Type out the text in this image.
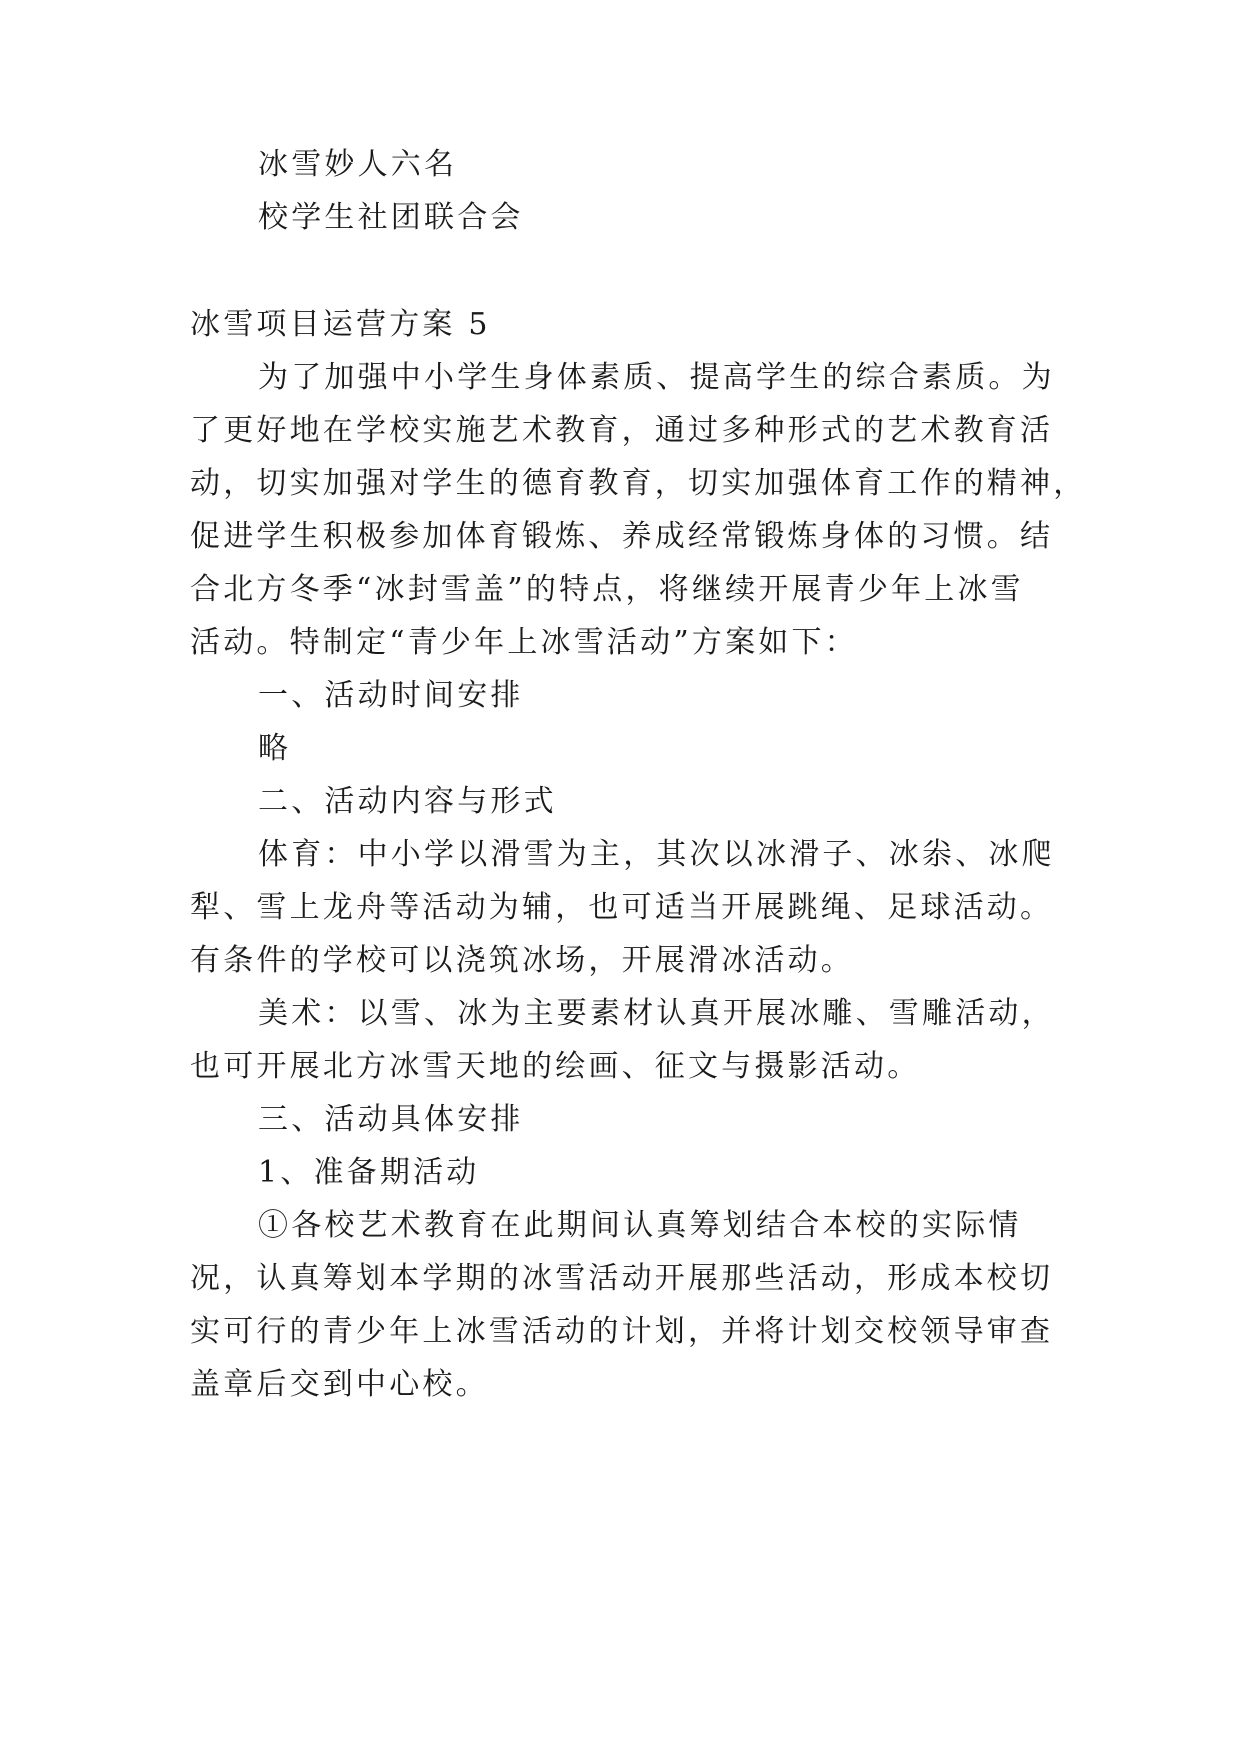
冰雪妙人六名
校学生社团联合会
冰雪项目运营方案 5
为了加强中小学生身体素质、提高学生的综合素质。为
了更好地在学校实施艺术教育，通过多种形式的艺术教育活
动，切实加强对学生的德育教育，切实加强体育工作的精神，
促进学生积极参加体育锻炼、养成经常锻炼身体的习惯。结
合北方冬季“冰封雪盖”的特点，将继续开展青少年上冰雪
活动。特制定“青少年上冰雪活动”方案如下：
一、活动时间安排
略
二、活动内容与形式
体育：中小学以滑雪为主，其次以冰滑子、冰尜、冰爬
犁、雪上龙舟等活动为辅，也可适当开展跳绳、足球活动。
有条件的学校可以浇筑冰场，开展滑冰活动。
美术：以雪、冰为主要素材认真开展冰雕、雪雕活动，
也可开展北方冰雪天地的绘画、征文与摄影活动。
三、活动具体安排
1、准备期活动
①各校艺术教育在此期间认真筹划结合本校的实际情
况，认真筹划本学期的冰雪活动开展那些活动，形成本校切
实可行的青少年上冰雪活动的计划，并将计划交校领导审查
盖章后交到中心校。
